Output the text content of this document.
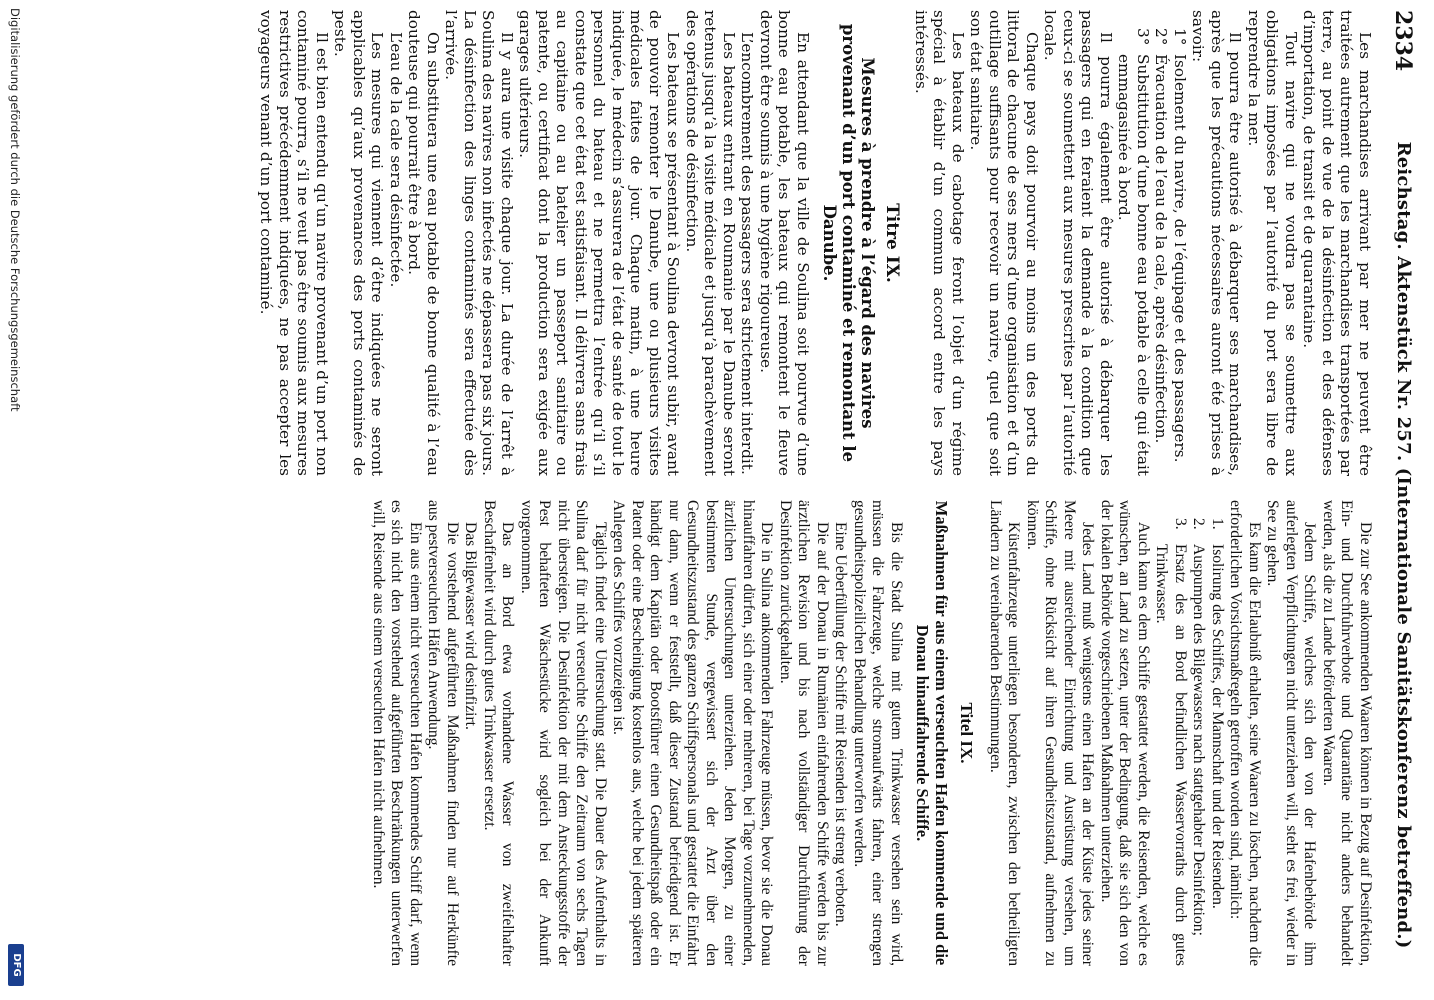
2334
Reichstag. Aktenstück Nr. 257. (Internationale Sanitätskonferenz betreffend.)

Les marchandises arrivant par mer ne peuvent être traitées autrement que les marchandises transportées par terre, au point de vue de la désinfection et des défenses d’importation, de transit et de quarantaine.

Tout navire qui ne voudra pas se soumettre aux obligations imposées par l’autorité du port sera libre de reprendre la mer.

Il pourra être autorisé à débarquer ses marchandises, après que les précautions nécessaires auront été prises à savoir:

1°
Isolement du navire, de l’équipage et des passagers.

2°
Évacuation de l’eau de la cale, après désinfection.

3°
Substitution d’une bonne eau potable à celle qui était emmagasinée à bord.

Il pourra également être autorisé à débarquer les passagers qui en feraient la demande à la condition que ceux-ci se soumettent aux mesures prescrites par l’autorité locale.

Chaque pays doit pourvoir au moins un des ports du littoral de chacune de ses mers d’une organisation et d’un outillage suffisants pour recevoir un navire, quel que soit son état sanitaire.

Les bateaux de cabotage feront l’objet d’un régime spécial à établir d’un commun accord entre les pays intéressés.

Titre IX.
Mesures à prendre à l’égard des navires provenant d’un port contaminé et remontant le Danube.

En attendant que la ville de Soulina soit pourvue d’une bonne eau potable, les bateaux qui remontent le fleuve devront être soumis à une hygiène rigoureuse.

L’encombrement des passagers sera strictement interdit.

Les bateaux entrant en Roumanie par le Danube seront retenus jusqu’à la visite médicale et jusqu’à parachèvement des opérations de désinfection.

Les bateaux se présentant à Soulina devront subir, avant de pouvoir remonter le Danube, une ou plusieurs visites médicales faites de jour. Chaque matin, à une heure indiquée, le médecin s’assurera de l’état de santé de tout le personnel du bateau et ne permettra l’entrée qu’il s’il constate que cet état est satisfaisant. Il délivrera sans frais au capitaine ou au batelier un passeport sanitaire ou patente, ou certificat dont la production sera exigée aux garages ultérieurs.

Il y aura une visite chaque jour. La durée de l’arrêt à Soulina des navires non infectés ne dépassera pas six jours. La désinfection des linges contaminés sera effectuée dès l’arrivée.

On substituera une eau potable de bonne qualité à l’eau douteuse qui pourrait être à bord.

L’eau de la cale sera désinfectée.

Les mesures qui viennent d’être indiquées ne seront applicables qu’aux provenances des ports contaminés de peste.

Il est bien entendu qu’un navire provenant d’un port non contaminé pourra, s’il ne veut pas être soumis aux mesures restrictives précédemment indiquées, ne pas accepter les voyageurs venant d’un port contaminé.

Die zur See ankommenden Waaren können in Bezug auf Desinfektion, Ein- und Durchfuhrverbote und Quarantäne nicht anders behandelt werden, als die zu Lande beförderten Waaren.

Jedem Schiffe, welches sich den von der Hafenbehörde ihm auferlegten Verpflichtungen nicht unterziehen will, steht es frei, wieder in See zu gehen.

Es kann die Erlaubniß erhalten, seine Waaren zu löschen, nachdem die erforderlichen Vorsichtsmaßregeln getroffen worden sind, nämlich:

1.
Isolirung des Schiffes, der Mannschaft und der Reisenden.

2.
Auspumpen des Bilgewassers nach stattgehabter Desinfektion;

3.
Ersatz des an Bord befindlichen Wasservorraths durch gutes Trinkwasser.

Auch kann es dem Schiffe gestattet werden, die Reisenden, welche es wünschen, an Land zu setzen, unter der Bedingung, daß sie sich den von der lokalen Behörde vorgeschriebenen Maßnahmen unterziehen.

Jedes Land muß wenigstens einen Hafen an der Küste jedes seiner Meere mit ausreichender Einrichtung und Ausrüstung versehen, um Schiffe, ohne Rücksicht auf ihren Gesundheitszustand, aufnehmen zu können.

Küstenfahrzeuge unterliegen besonderen, zwischen den betheiligten Ländern zu vereinbarenden Bestimmungen.

Titel IX.
Maßnahmen für aus einem verseuchten Hafen kommende und die Donau hinauffahrende Schiffe.

Bis die Stadt Sulina mit gutem Trinkwasser versehen sein wird, müssen die Fahrzeuge, welche stromaufwärts fahren, einer strengen gesundheitspolizeilichen Behandlung unterworfen werden.

Eine Ueberfüllung der Schiffe mit Reisenden ist streng verboten.

Die auf der Donau in Rumänien einfahrenden Schiffe werden bis zur ärztlichen Revision und bis nach vollständiger Durchführung der Desinfektion zurückgehalten.

Die in Sulina ankommenden Fahrzeuge müssen, bevor sie die Donau hinauffahren dürfen, sich einer oder mehreren, bei Tage vorzunehmenden, ärztlichen Untersuchungen unterziehen. Jeden Morgen, zu einer bestimmten Stunde, vergewissert sich der Arzt über den Gesundheitszustand des ganzen Schiffspersonals und gestattet die Einfahrt nur dann, wenn er feststellt, daß dieser Zustand befriedigend ist. Er händigt dem Kapitän oder Bootsführer einen Gesundheitspaß oder ein Patent oder eine Bescheinigung kostenlos aus, welche bei jedem späteren Anlegen des Schiffes vorzuzeigen ist.

Täglich findet eine Untersuchung statt. Die Dauer des Aufenthalts in Sulina darf für nicht verseuchte Schiffe den Zeitraum von sechs Tagen nicht übersteigen. Die Desinfektion der mit dem Ansteckungsstoffe der Pest behafteten Wäschestücke wird sogleich bei der Ankunft vorgenommen.

Das an Bord etwa vorhandene Wasser von zweifelhafter Beschaffenheit wird durch gutes Trinkwasser ersetzt.

Das Bilgewasser wird desinfizirt.

Die vorstehend aufgeführten Maßnahmen finden nur auf Herkünfte aus pestverseuchten Häfen Anwendung.

Ein aus einem nicht verseuchten Hafen kommendes Schiff darf, wenn es sich nicht den vorstehend aufgeführten Beschränkungen unterwerfen will, Reisende aus einem verseuchten Hafen nicht aufnehmen.

Digitalisierung gefördert durch die Deutsche Forschungsgemeinschaft
DFG
